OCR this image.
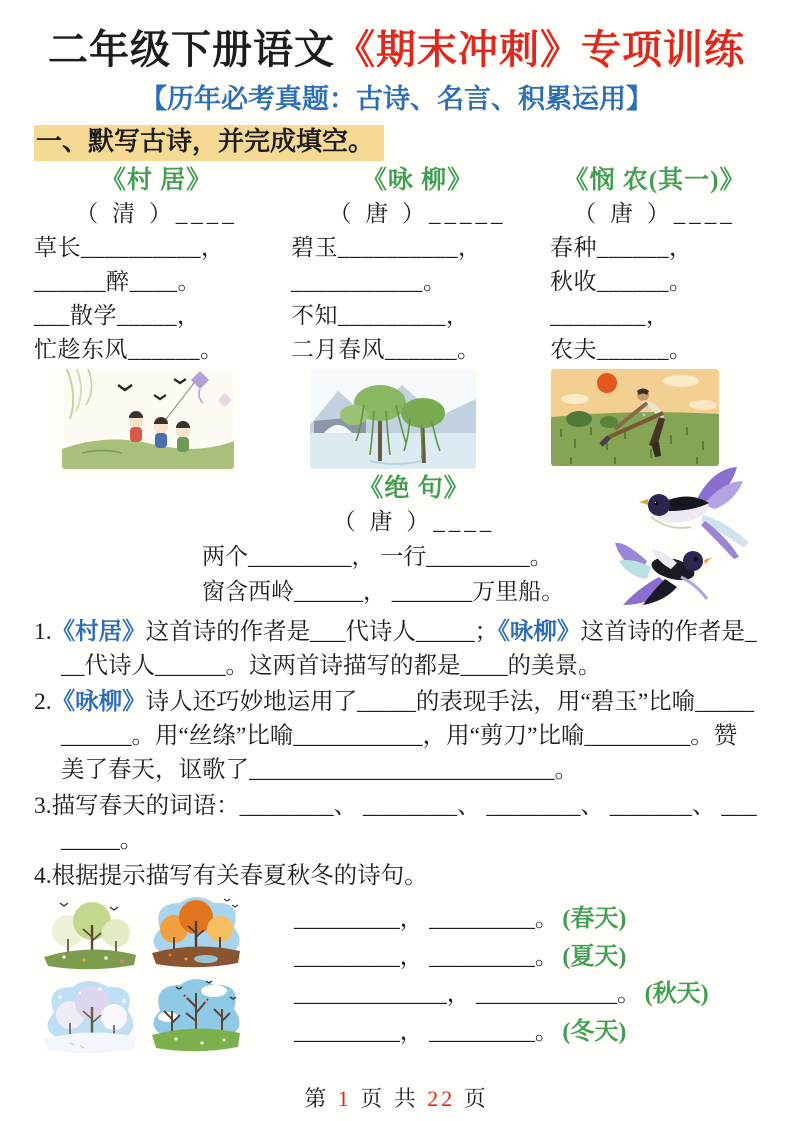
二年级下册语文《期末冲刺》专项训练
【历年必考真题：古诗、名言、积累运用】
一、默写古诗，并完成填空。
《村 居》
（ 清 ）____
草长__________，
______醉____。
___散学_____，
忙趁东风______。
《咏 柳》
（ 唐 ）_____
碧玉__________，
___________。
不知_________，
二月春风______。
《悯 农(其一)》
（ 唐 ）____
春种______，
秋收______。
________，
农夫______。
《绝 句》
（ 唐 ）____
两个_________， 一行_________。
窗含西岭______， _______万里船。
1.《村居》这首诗的作者是___代诗人_____；《咏柳》这首诗的作者是___代诗人______。这两首诗描写的都是____的美景。
2.《咏柳》诗人还巧妙地运用了_____的表现手法，用“碧玉”比喻___________。用“丝绦”比喻___________，用“剪刀”比喻_________。赞美了春天，讴歌了__________________________。
3.描写春天的词语：________、 ________、 ________、 _______、 ________。
4.根据提示描写有关春夏秋冬的诗句。
_________， _________。 (春天)
_________， _________。 (夏天)
_____________， ____________。 (秋天)
_________， _________。 (冬天)
第 1 页 共 22 页
